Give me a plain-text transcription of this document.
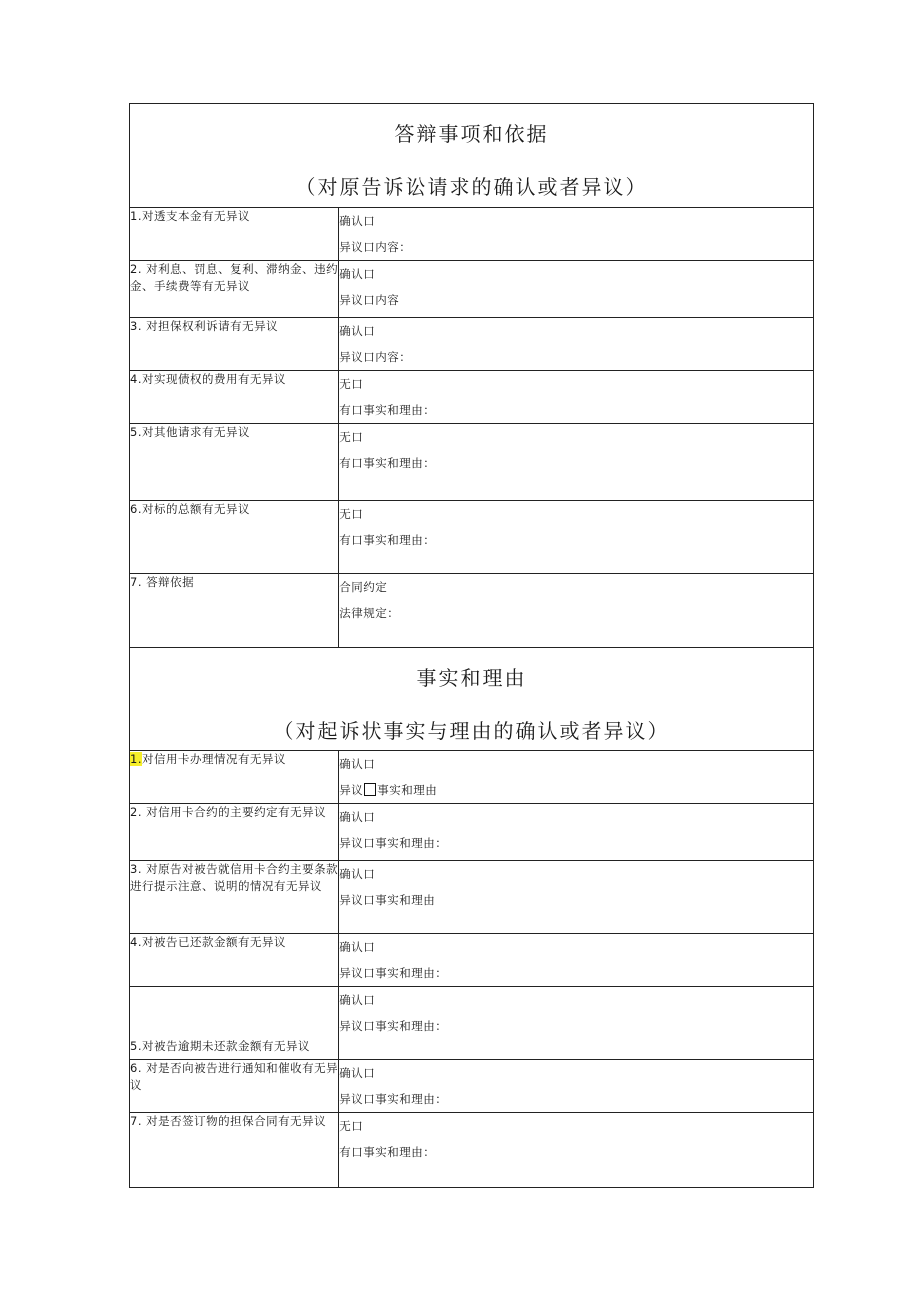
答辩事项和依据
（对原告诉讼请求的确认或者异议）	

1.对透支本金有无异议	确认口
异议口内容：

2. 对利息、罚息、复利、滞纳金、违约金、手续费等有无异议	确认口
异议口内容

3. 对担保权利诉请有无异议	确认口
异议口内容：

4.对实现债权的费用有无异议	无口
有口事实和理由：

5.对其他请求有无异议	无口
有口事实和理由：

6.对标的总额有无异议	无口
有口事实和理由：

7. 答辩依据	合同约定
法律规定：

事实和理由
（对起诉状事实与理由的确认或者异议）	

1.对信用卡办理情况有无异议	确认口
异议 事实和理由

2. 对信用卡合约的主要约定有无异议	确认口
异议口事实和理由：

3. 对原告对被告就信用卡合约主要条款进行提示注意、说明的情况有无异议	确认口
异议口事实和理由

4.对被告已还款金额有无异议	确认口
异议口事实和理由：

5.对被告逾期未还款金额有无异议	确认口
异议口事实和理由：

6. 对是否向被告进行通知和催收有无异议	确认口
异议口事实和理由：

7. 对是否签订物的担保合同有无异议	无口
有口事实和理由：
